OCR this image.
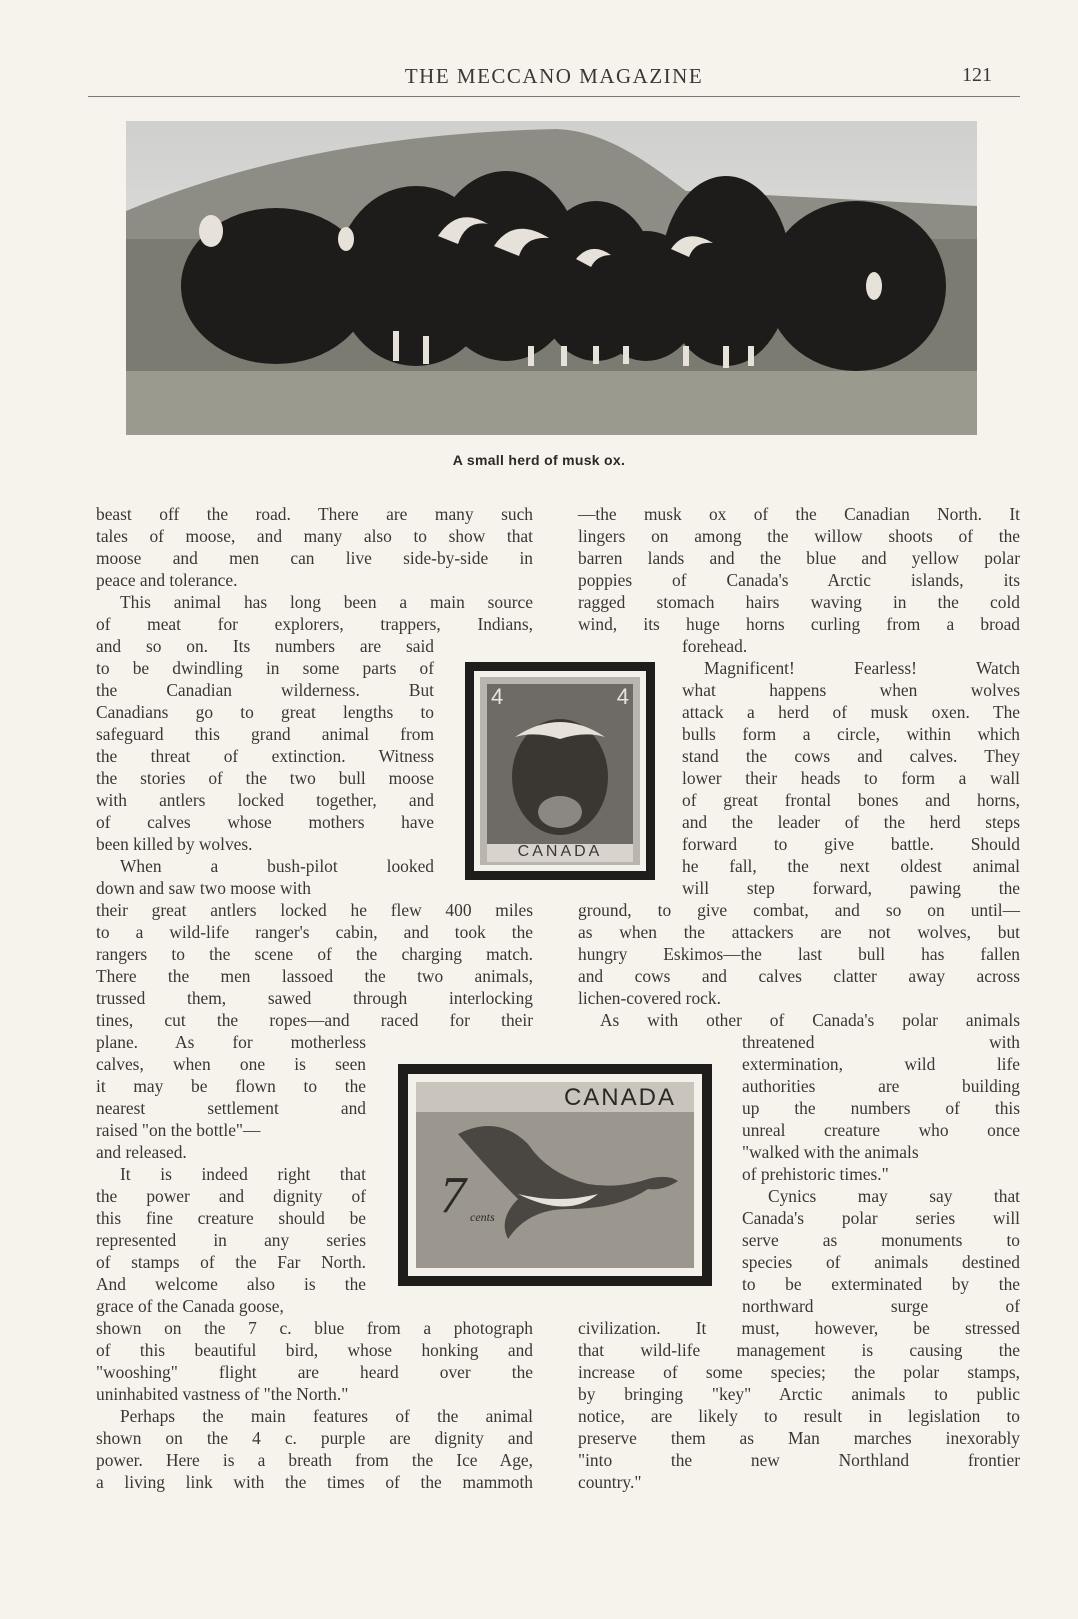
THE MECCANO MAGAZINE	121
A small herd of musk ox.
4	4
CANADA
CANADA
7 cents
beast off the road. There are many such
tales of moose, and many also to show that
moose and men can live side-by-side in
peace and tolerance.
This animal has long been a main source
of meat for explorers, trappers, Indians,
and so on. Its numbers are said
to be dwindling in some parts of
the Canadian wilderness. But
Canadians go to great lengths to
safeguard this grand animal from
the threat of extinction. Witness
the stories of the two bull moose
with antlers locked together, and
of calves whose mothers have
been killed by wolves.
When a bush-pilot looked
down and saw two moose with
their great antlers locked he flew 400 miles
to a wild-life ranger's cabin, and took the
rangers to the scene of the charging match.
There the men lassoed the two animals,
trussed them, sawed through interlocking
tines, cut the ropes—and raced for their
plane. As for motherless
calves, when one is seen
it may be flown to the
nearest settlement and
raised "on the bottle"—
and released.
It is indeed right that
the power and dignity of
this fine creature should be
represented in any series
of stamps of the Far North.
And welcome also is the
grace of the Canada goose,
shown on the 7 c. blue from a photograph
of this beautiful bird, whose honking and
"wooshing" flight are heard over the
uninhabited vastness of "the North."
Perhaps the main features of the animal
shown on the 4 c. purple are dignity and
power. Here is a breath from the Ice Age,
a living link with the times of the mammoth
—the musk ox of the Canadian North. It
lingers on among the willow shoots of the
barren lands and the blue and yellow polar
poppies of Canada's Arctic islands, its
ragged stomach hairs waving in the cold
wind, its huge horns curling from a broad
forehead.
Magnificent! Fearless! Watch
what happens when wolves
attack a herd of musk oxen. The
bulls form a circle, within which
stand the cows and calves. They
lower their heads to form a wall
of great frontal bones and horns,
and the leader of the herd steps
forward to give battle. Should
he fall, the next oldest animal
will step forward, pawing the
ground, to give combat, and so on until—
as when the attackers are not wolves, but
hungry Eskimos—the last bull has fallen
and cows and calves clatter away across
lichen-covered rock.
As with other of Canada's polar animals
threatened with
extermination, wild life
authorities are building
up the numbers of this
unreal creature who once
"walked with the animals
of prehistoric times."
Cynics may say that
Canada's polar series will
serve as monuments to
species of animals destined
to be exterminated by the
northward surge of
civilization. It must, however, be stressed
that wild-life management is causing the
increase of some species; the polar stamps,
by bringing "key" Arctic animals to public
notice, are likely to result in legislation to
preserve them as Man marches inexorably
"into the new Northland frontier
country."
